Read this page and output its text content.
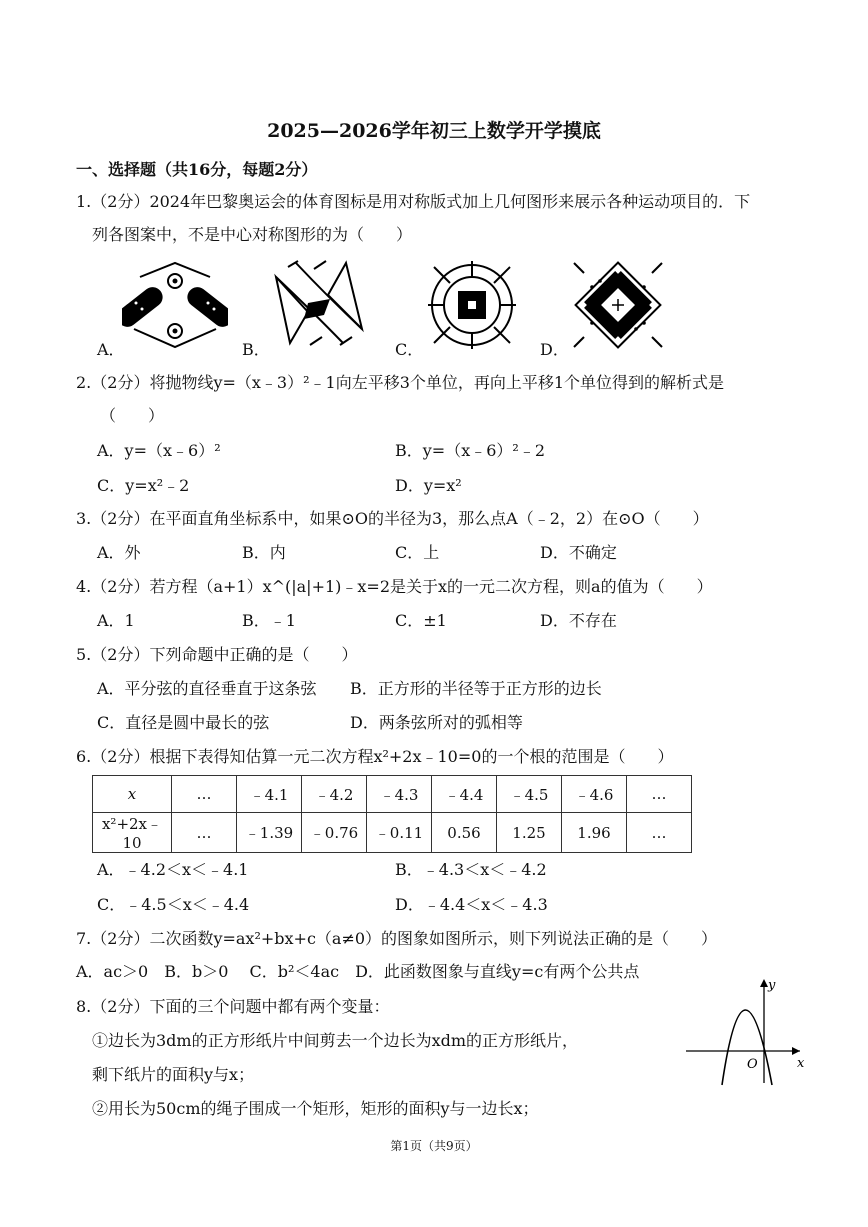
2025—2026学年初三上数学开学摸底
一、选择题（共16分，每题2分）
1.（2分）2024年巴黎奥运会的体育图标是用对称版式加上几何图形来展示各种运动项目的．下
列各图案中，不是中心对称图形的为（　　）
A．	B．	C．	D．
2.（2分）将抛物线y=（x﹣3）²﹣1向左平移3个单位，再向上平移1个单位得到的解析式是
（　　）
A．y=（x﹣6）²	B．y=（x﹣6）²﹣2
C．y=x²﹣2	D．y=x²
3.（2分）在平面直角坐标系中，如果⊙O的半径为3，那么点A（﹣2，2）在⊙O（　　）
A．外	B．内	C．上	D．不确定
4.（2分）若方程（a+1）x^(|a|+1)﹣x=2是关于x的一元二次方程，则a的值为（　　）
A．1	B．﹣1	C．±1	D．不存在
5.（2分）下列命题中正确的是（　　）
A．平分弦的直径垂直于这条弦 B．正方形的半径等于正方形的边长
C．直径是圆中最长的弦	D．两条弦所对的弧相等
6.（2分）根据下表得知估算一元二次方程x²+2x﹣10=0的一个根的范围是（　　）
x	…	﹣4.1	﹣4.2	﹣4.3	﹣4.4	﹣4.5	﹣4.6	…
x²+2x﹣10	…	﹣1.39	﹣0.76	﹣0.11	0.56	1.25	1.96	…
A．﹣4.2＜x＜﹣4.1	B．﹣4.3＜x＜﹣4.2
C．﹣4.5＜x＜﹣4.4	D．﹣4.4＜x＜﹣4.3
7.（2分）二次函数y=ax²+bx+c（a≠0）的图象如图所示，则下列说法正确的是（　　）
A．ac＞0　B．b＞0　 C．b²＜4ac　D．此函数图象与直线y=c有两个公共点
y
x
O
8.（2分）下面的三个问题中都有两个变量：
①边长为3dm的正方形纸片中间剪去一个边长为xdm的正方形纸片，
剩下纸片的面积y与x；
②用长为50cm的绳子围成一个矩形，矩形的面积y与一边长x；
第1页（共9页）
